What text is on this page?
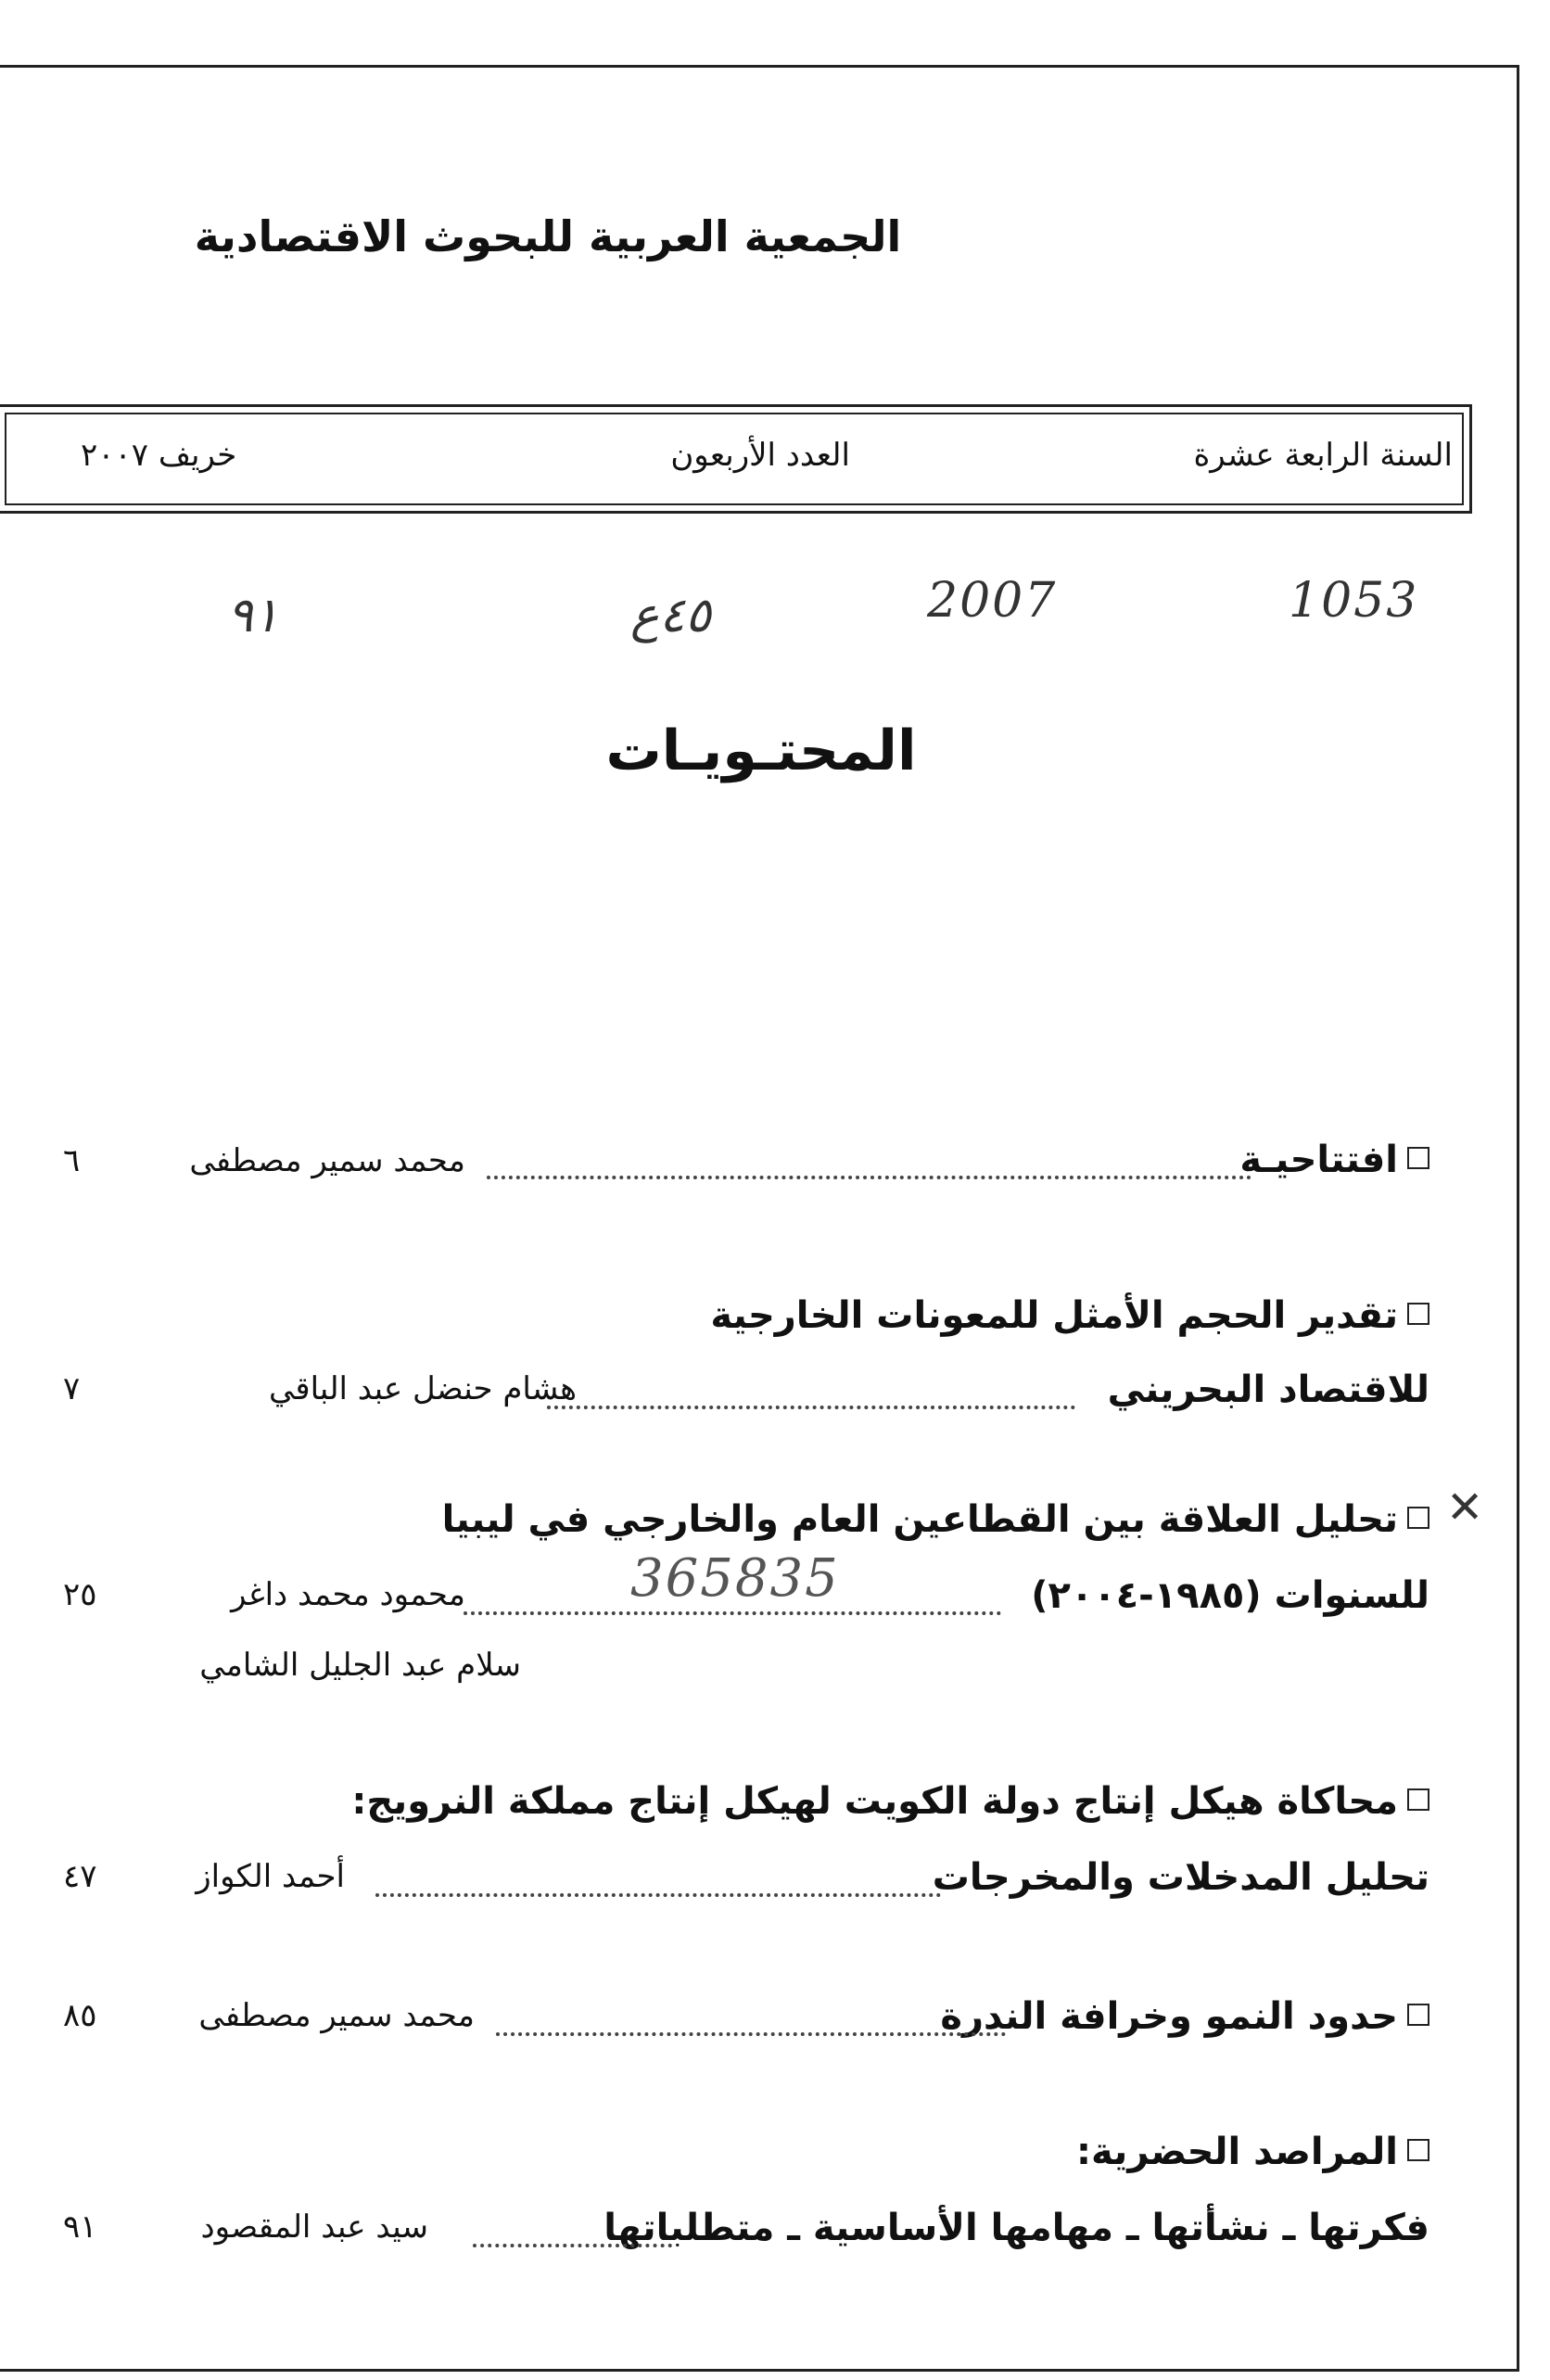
الجمعية العربية للبحوث الاقتصادية
السنة الرابعة عشرة
العدد الأربعون
خريف ٢٠٠٧
1053
2007
٤٥ع
٩١
المحتـويـات
افتتاحيـة
محمد سمير مصطفى
٦
تقدير الحجم الأمثل للمعونات الخارجية
للاقتصاد البحريني
هشام حنضل عبد الباقي
٧
✕
تحليل العلاقة بين القطاعين العام والخارجي في ليبيا
للسنوات (١٩٨٥-٢٠٠٤)
365835
محمود محمد داغر
سلام عبد الجليل الشامي
٢٥
محاكاة هيكل إنتاج دولة الكويت لهيكل إنتاج مملكة النرويج:
تحليل المدخلات والمخرجات
أحمد الكواز
٤٧
حدود النمو وخرافة الندرة
محمد سمير مصطفى
٨٥
المراصد الحضرية:
فكرتها ـ نشأتها ـ مهامها الأساسية ـ متطلباتها
سيد عبد المقصود
٩١
